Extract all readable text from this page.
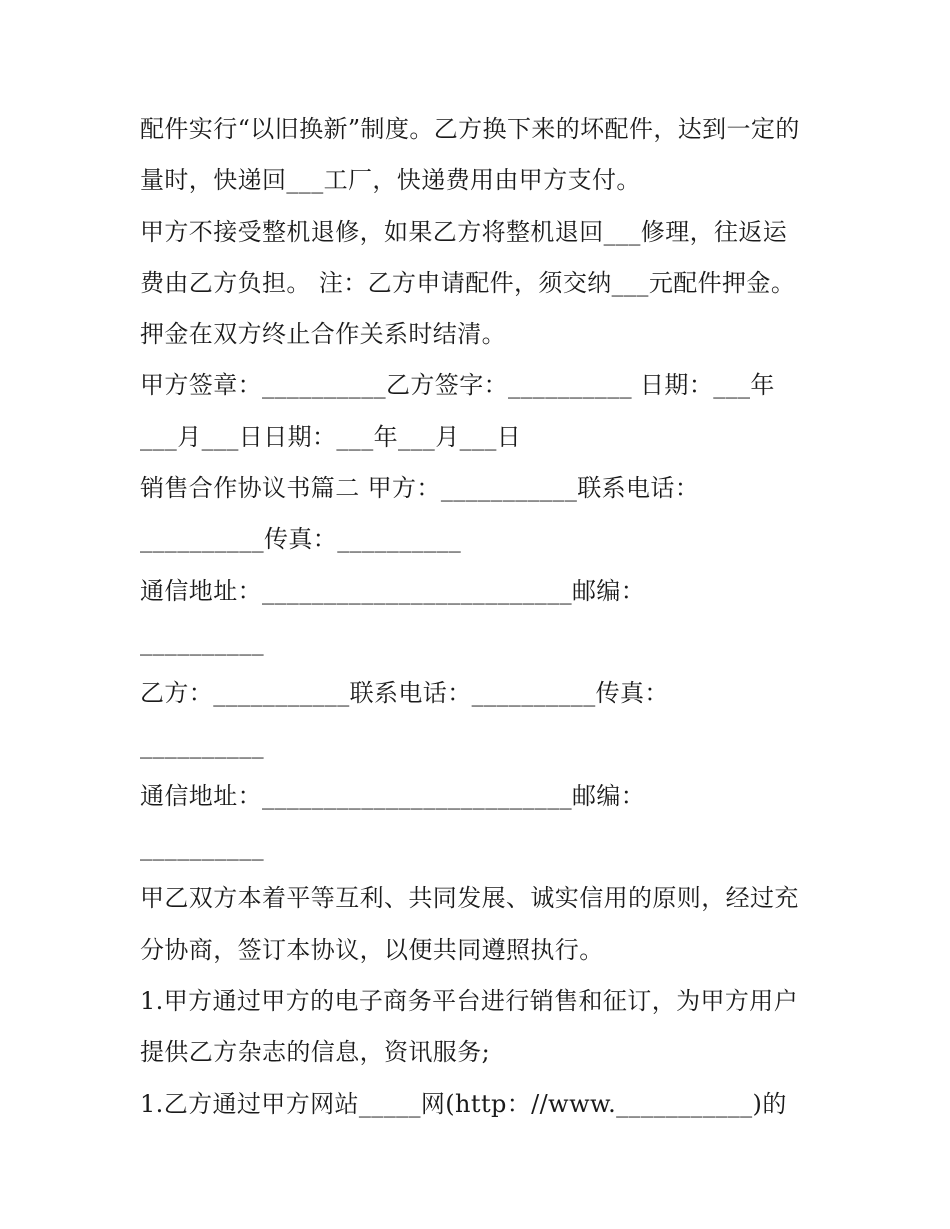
配件实行“以旧换新”制度。乙方换下来的坏配件，达到一定的
量时，快递回___工厂，快递费用由甲方支付。
甲方不接受整机退修，如果乙方将整机退回___修理，往返运
费由乙方负担。 注：乙方申请配件，须交纳___元配件押金。
押金在双方终止合作关系时结清。
甲方签章：__________乙方签字：__________ 日期：___年
___月___日日期：___年___月___日
销售合作协议书篇二 甲方：___________联系电话：
__________传真：__________
通信地址：_________________________邮编：
__________
乙方：___________联系电话：__________传真：
__________
通信地址：_________________________邮编：
__________
甲乙双方本着平等互利、共同发展、诚实信用的原则，经过充
分协商，签订本协议，以便共同遵照执行。
1.甲方通过甲方的电子商务平台进行销售和征订，为甲方用户
提供乙方杂志的信息，资讯服务;
1.乙方通过甲方网站_____网(http：//www.___________)的
